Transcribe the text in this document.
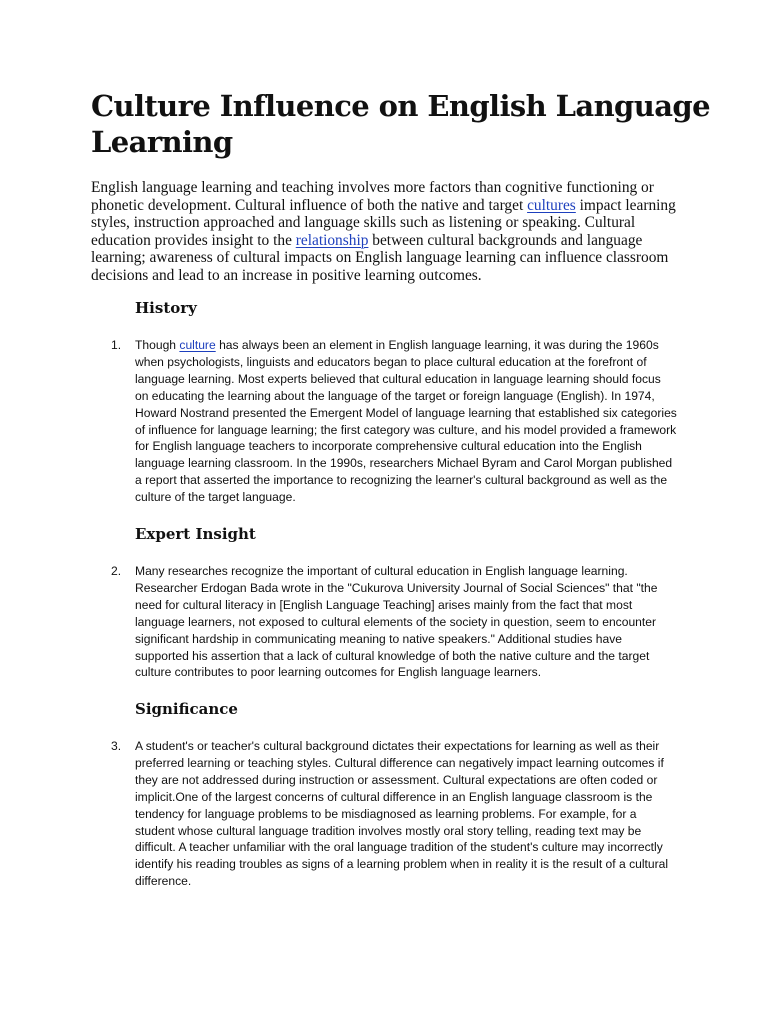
Culture Influence on English Language Learning

English language learning and teaching involves more factors than cognitive functioning or phonetic development. Cultural influence of both the native and target cultures impact learning styles, instruction approached and language skills such as listening or speaking. Cultural education provides insight to the relationship between cultural backgrounds and language learning; awareness of cultural impacts on English language learning can influence classroom decisions and lead to an increase in positive learning outcomes.

History
1. Though culture has always been an element in English language learning, it was during the 1960s when psychologists, linguists and educators began to place cultural education at the forefront of language learning. Most experts believed that cultural education in language learning should focus on educating the learning about the language of the target or foreign language (English). In 1974, Howard Nostrand presented the Emergent Model of language learning that established six categories of influence for language learning; the first category was culture, and his model provided a framework for English language teachers to incorporate comprehensive cultural education into the English language learning classroom. In the 1990s, researchers Michael Byram and Carol Morgan published a report that asserted the importance to recognizing the learner's cultural background as well as the culture of the target language.

Expert Insight
2. Many researches recognize the important of cultural education in English language learning. Researcher Erdogan Bada wrote in the "Cukurova University Journal of Social Sciences" that "the need for cultural literacy in [English Language Teaching] arises mainly from the fact that most language learners, not exposed to cultural elements of the society in question, seem to encounter significant hardship in communicating meaning to native speakers." Additional studies have supported his assertion that a lack of cultural knowledge of both the native culture and the target culture contributes to poor learning outcomes for English language learners.

Significance
3. A student's or teacher's cultural background dictates their expectations for learning as well as their preferred learning or teaching styles. Cultural difference can negatively impact learning outcomes if they are not addressed during instruction or assessment. Cultural expectations are often coded or implicit.One of the largest concerns of cultural difference in an English language classroom is the tendency for language problems to be misdiagnosed as learning problems. For example, for a student whose cultural language tradition involves mostly oral story telling, reading text may be difficult. A teacher unfamiliar with the oral language tradition of the student's culture may incorrectly identify his reading troubles as signs of a learning problem when in reality it is the result of a cultural difference.
